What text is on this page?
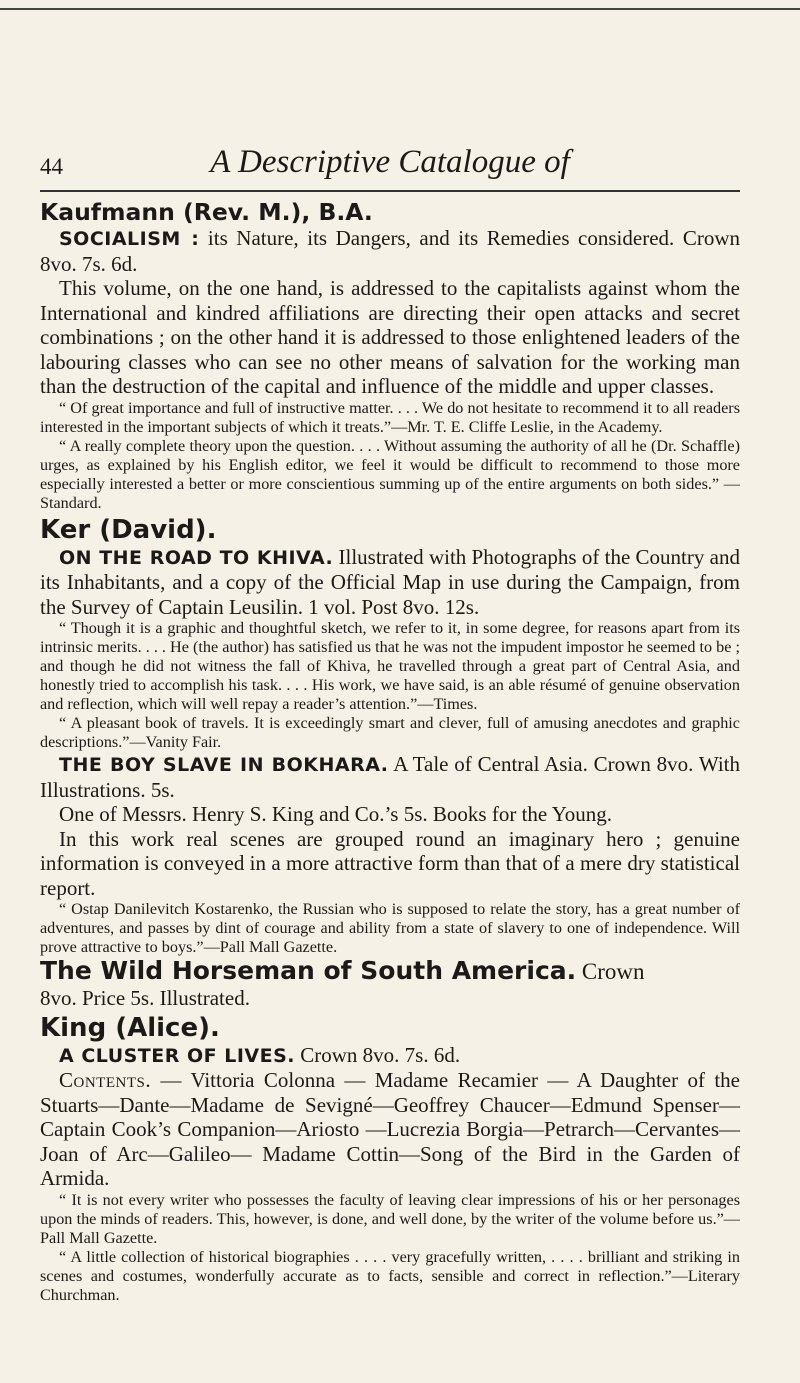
44	A Descriptive Catalogue of

Kaufmann (Rev. M.), B.A.

SOCIALISM : its Nature, its Dangers, and its Remedies considered. Crown 8vo. 7s. 6d.

This volume, on the one hand, is addressed to the capitalists against whom the International and kindred affiliations are directing their open attacks and secret combinations ; on the other hand it is addressed to those enlightened leaders of the labouring classes who can see no other means of salvation for the working man than the destruction of the capital and influence of the middle and upper classes.

“ Of great importance and full of instructive matter. . . . We do not hesitate to recommend it to all readers interested in the important subjects of which it treats.”—Mr. T. E. Cliffe Leslie, in the Academy.

“ A really complete theory upon the question. . . . Without assuming the authority of all he (Dr. Schaffle) urges, as explained by his English editor, we feel it would be difficult to recommend to those more especially interested a better or more conscientious summing up of the entire arguments on both sides.” —Standard.

Ker (David).

ON THE ROAD TO KHIVA. Illustrated with Photographs of the Country and its Inhabitants, and a copy of the Official Map in use during the Campaign, from the Survey of Captain Leusilin. 1 vol. Post 8vo. 12s.

“ Though it is a graphic and thoughtful sketch, we refer to it, in some degree, for reasons apart from its intrinsic merits. . . . He (the author) has satisfied us that he was not the impudent impostor he seemed to be ; and though he did not witness the fall of Khiva, he travelled through a great part of Central Asia, and honestly tried to accomplish his task. . . . His work, we have said, is an able résumé of genuine observation and reflection, which will well repay a reader’s attention.”—Times.

“ A pleasant book of travels. It is exceedingly smart and clever, full of amusing anecdotes and graphic descriptions.”—Vanity Fair.

THE BOY SLAVE IN BOKHARA. A Tale of Central Asia. Crown 8vo. With Illustrations. 5s.

One of Messrs. Henry S. King and Co.’s 5s. Books for the Young.

In this work real scenes are grouped round an imaginary hero ; genuine information is conveyed in a more attractive form than that of a mere dry statistical report.

“ Ostap Danilevitch Kostarenko, the Russian who is supposed to relate the story, has a great number of adventures, and passes by dint of courage and ability from a state of slavery to one of independence. Will prove attractive to boys.”—Pall Mall Gazette.

The Wild Horseman of South America. Crown

8vo. Price 5s. Illustrated.

King (Alice).

A CLUSTER OF LIVES. Crown 8vo. 7s. 6d.

Contents. — Vittoria Colonna — Madame Recamier — A Daughter of the Stuarts—Dante—Madame de Sevigné—Geoffrey Chaucer—Edmund Spenser—Captain Cook’s Companion—Ariosto —Lucrezia Borgia—Petrarch—Cervantes—Joan of Arc—Galileo— Madame Cottin—Song of the Bird in the Garden of Armida.

“ It is not every writer who possesses the faculty of leaving clear impressions of his or her personages upon the minds of readers. This, however, is done, and well done, by the writer of the volume before us.”—Pall Mall Gazette.

“ A little collection of historical biographies . . . . very gracefully written, . . . . brilliant and striking in scenes and costumes, wonderfully accurate as to facts, sensible and correct in reflection.”—Literary Churchman.
